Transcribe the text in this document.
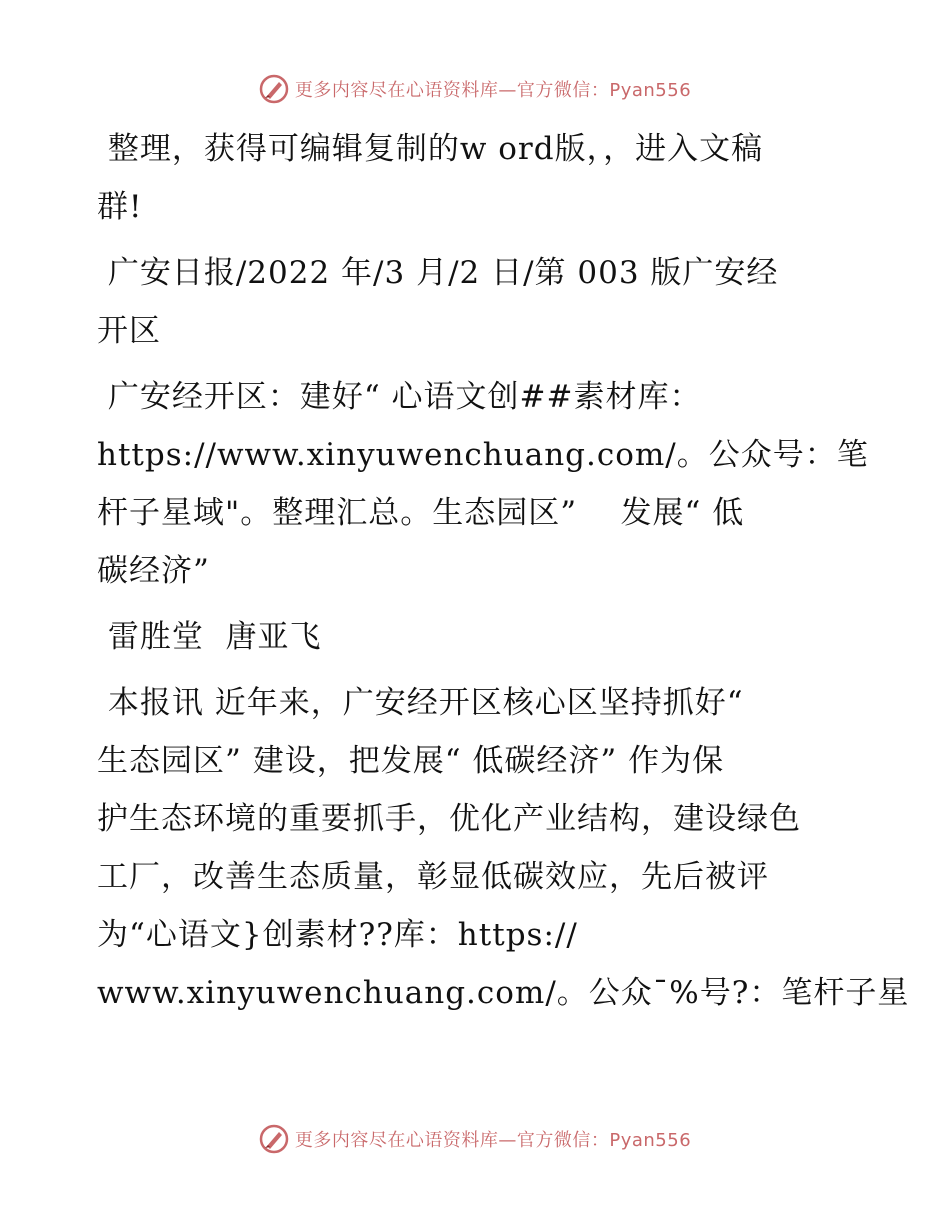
更多内容尽在心语资料库—官方微信：Pyan556
整理，获得可编辑复制的w ord版，，进入文稿
群!
广安日报/2022 年/3 月/2 日/第 003 版广安经
开区
广安经开区：建好“ 心语文创##素材库：
https://www.xinyuwenchuang.com/。公众号：笔
杆子星域"。整理汇总。生态园区”    发展“ 低
碳经济”
雷胜堂  唐亚飞
本报讯 近年来，广安经开区核心区坚持抓好“
生态园区” 建设，把发展“ 低碳经济” 作为保
护生态环境的重要抓手，优化产业结构，建设绿色
工厂，改善生态质量，彰显低碳效应，先后被评
为“心语文}创素材??库：https://
www.xinyuwenchuang.com/。公众¯%号?：笔杆子星
更多内容尽在心语资料库—官方微信：Pyan556
